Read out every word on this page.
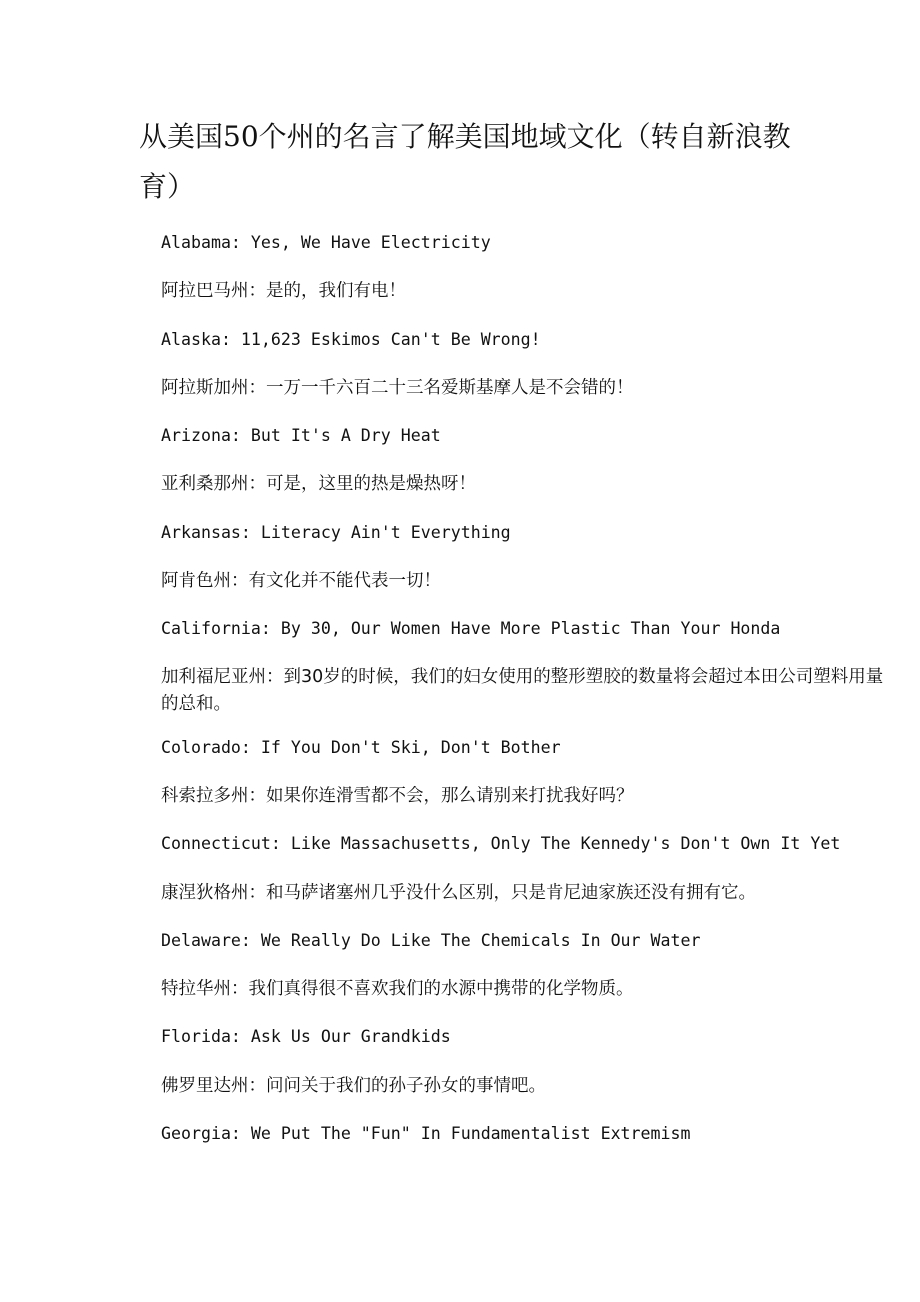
从美国50个州的名言了解美国地域文化（转自新浪教育）
Alabama: Yes, We Have Electricity
阿拉巴马州：是的，我们有电！
Alaska: 11,623 Eskimos Can't Be Wrong!
阿拉斯加州：一万一千六百二十三名爱斯基摩人是不会错的！
Arizona: But It's A Dry Heat
亚利桑那州：可是，这里的热是燥热呀！
Arkansas: Literacy Ain't Everything
阿肯色州：有文化并不能代表一切！
California: By 30, Our Women Have More Plastic Than Your Honda
加利福尼亚州：到30岁的时候，我们的妇女使用的整形塑胶的数量将会超过本田公司塑料用量的总和。
Colorado: If You Don't Ski, Don't Bother
科索拉多州：如果你连滑雪都不会，那么请别来打扰我好吗？
Connecticut: Like Massachusetts, Only The Kennedy's Don't Own It Yet
康涅狄格州：和马萨诸塞州几乎没什么区别，只是肯尼迪家族还没有拥有它。
Delaware: We Really Do Like The Chemicals In Our Water
特拉华州：我们真得很不喜欢我们的水源中携带的化学物质。
Florida: Ask Us Our Grandkids
佛罗里达州：问问关于我们的孙子孙女的事情吧。
Georgia: We Put The "Fun" In Fundamentalist Extremism
